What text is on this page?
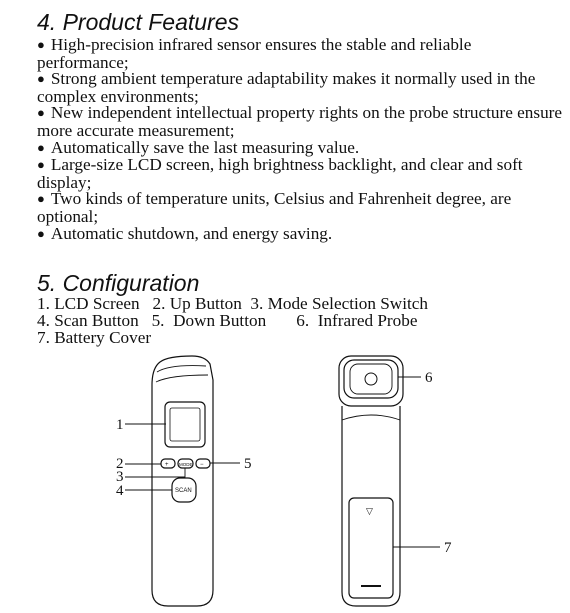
4. Product Features

● High-precision infrared sensor ensures the stable and reliable performance;

● Strong ambient temperature adaptability makes it normally used in the complex environments;

● New independent intellectual property rights on the probe structure ensure more accurate measurement;

● Automatically save the last measuring value.

● Large-size LCD screen, high brightness backlight, and clear and soft display;

● Two kinds of temperature units, Celsius and Fahrenheit degree, are optional;

● Automatic shutdown, and energy saving.

5. Configuration
1. LCD Screen   2. Up Button  3. Mode Selection Switch
4. Scan Button   5.  Down Button       6.  Infrared Probe
7. Battery Cover
+ MODE −
SCAN
1
2
3
4
5
▽
6
7
